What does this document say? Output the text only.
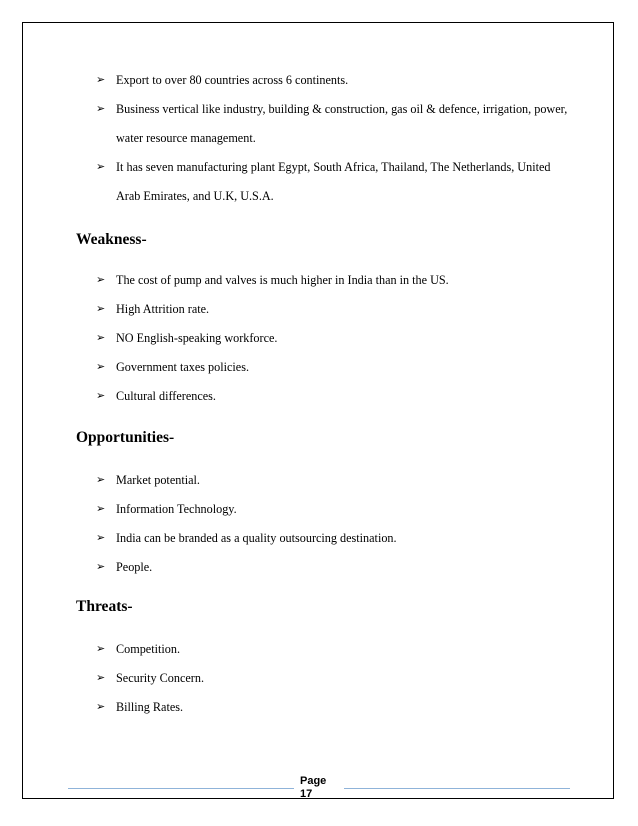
➢ Export to over 80 countries across 6 continents.
➢ Business vertical like industry, building & construction, gas oil & defence, irrigation, power, water resource management.
➢ It has seven manufacturing plant Egypt, South Africa, Thailand, The Netherlands, United Arab Emirates, and U.K, U.S.A.
Weakness-
➢ The cost of pump and valves is much higher in India than in the US.
➢ High Attrition rate.
➢ NO English-speaking workforce.
➢ Government taxes policies.
➢ Cultural differences.
Opportunities-
➢ Market potential.
➢ Information Technology.
➢ India can be branded as a quality outsourcing destination.
➢ People.
Threats-
➢ Competition.
➢ Security Concern.
➢ Billing Rates.
Page 17
